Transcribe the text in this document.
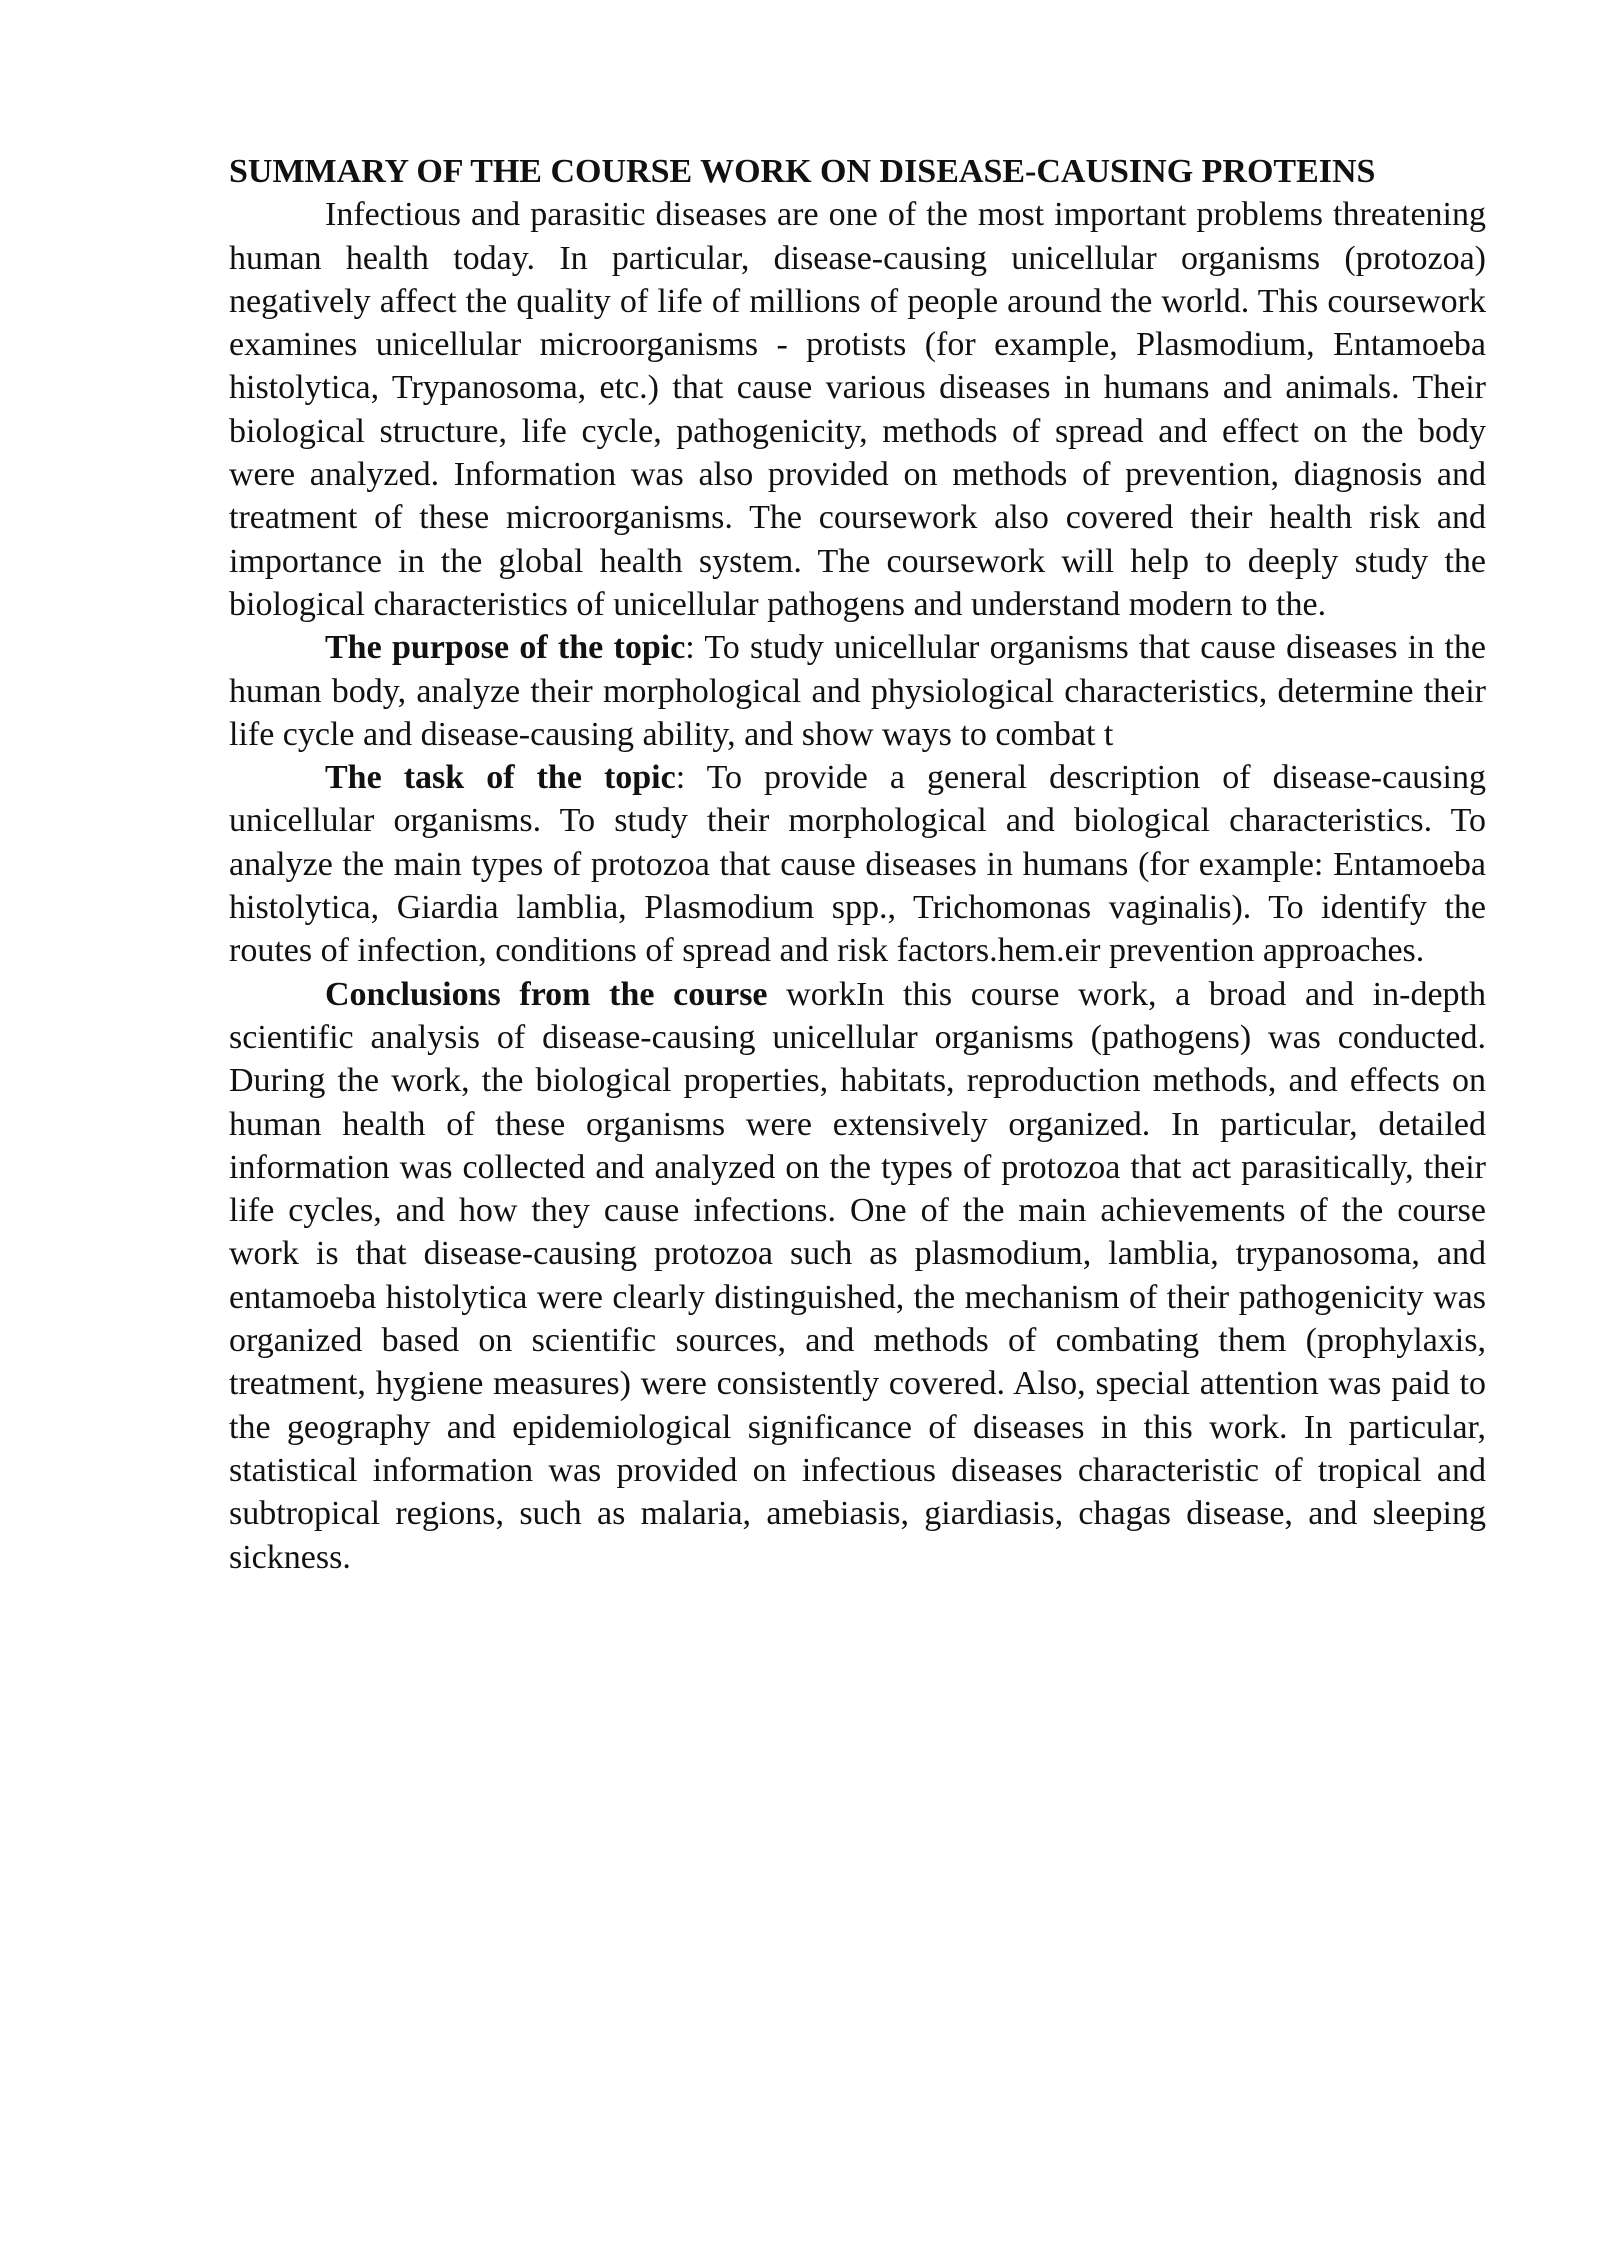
SUMMARY OF THE COURSE WORK ON DISEASE-CAUSING PROTEINS

Infectious and parasitic diseases are one of the most important problems threatening human health today. In particular, disease-causing unicellular organisms (protozoa) negatively affect the quality of life of millions of people around the world. This coursework examines unicellular microorganisms - protists (for example, Plasmodium, Entamoeba histolytica, Trypanosoma, etc.) that cause various diseases in humans and animals. Their biological structure, life cycle, pathogenicity, methods of spread and effect on the body were analyzed. Information was also provided on methods of prevention, diagnosis and treatment of these microorganisms. The coursework also covered their health risk and importance in the global health system. The coursework will help to deeply study the biological characteristics of unicellular pathogens and understand modern to the.

The purpose of the topic: To study unicellular organisms that cause diseases in the human body, analyze their morphological and physiological characteristics, determine their life cycle and disease-causing ability, and show ways to combat t

The task of the topic: To provide a general description of disease-causing unicellular organisms. To study their morphological and biological characteristics. To analyze the main types of protozoa that cause diseases in humans (for example: Entamoeba histolytica, Giardia lamblia, Plasmodium spp., Trichomonas vaginalis). To identify the routes of infection, conditions of spread and risk factors.hem.eir prevention approaches.

Conclusions from the course workIn this course work, a broad and in-depth scientific analysis of disease-causing unicellular organisms (pathogens) was conducted. During the work, the biological properties, habitats, reproduction methods, and effects on human health of these organisms were extensively organized. In particular, detailed information was collected and analyzed on the types of protozoa that act parasitically, their life cycles, and how they cause infections. One of the main achievements of the course work is that disease-causing protozoa such as plasmodium, lamblia, trypanosoma, and entamoeba histolytica were clearly distinguished, the mechanism of their pathogenicity was organized based on scientific sources, and methods of combating them (prophylaxis, treatment, hygiene measures) were consistently covered. Also, special attention was paid to the geography and epidemiological significance of diseases in this work. In particular, statistical information was provided on infectious diseases characteristic of tropical and subtropical regions, such as malaria, amebiasis, giardiasis, chagas disease, and sleeping sickness.
